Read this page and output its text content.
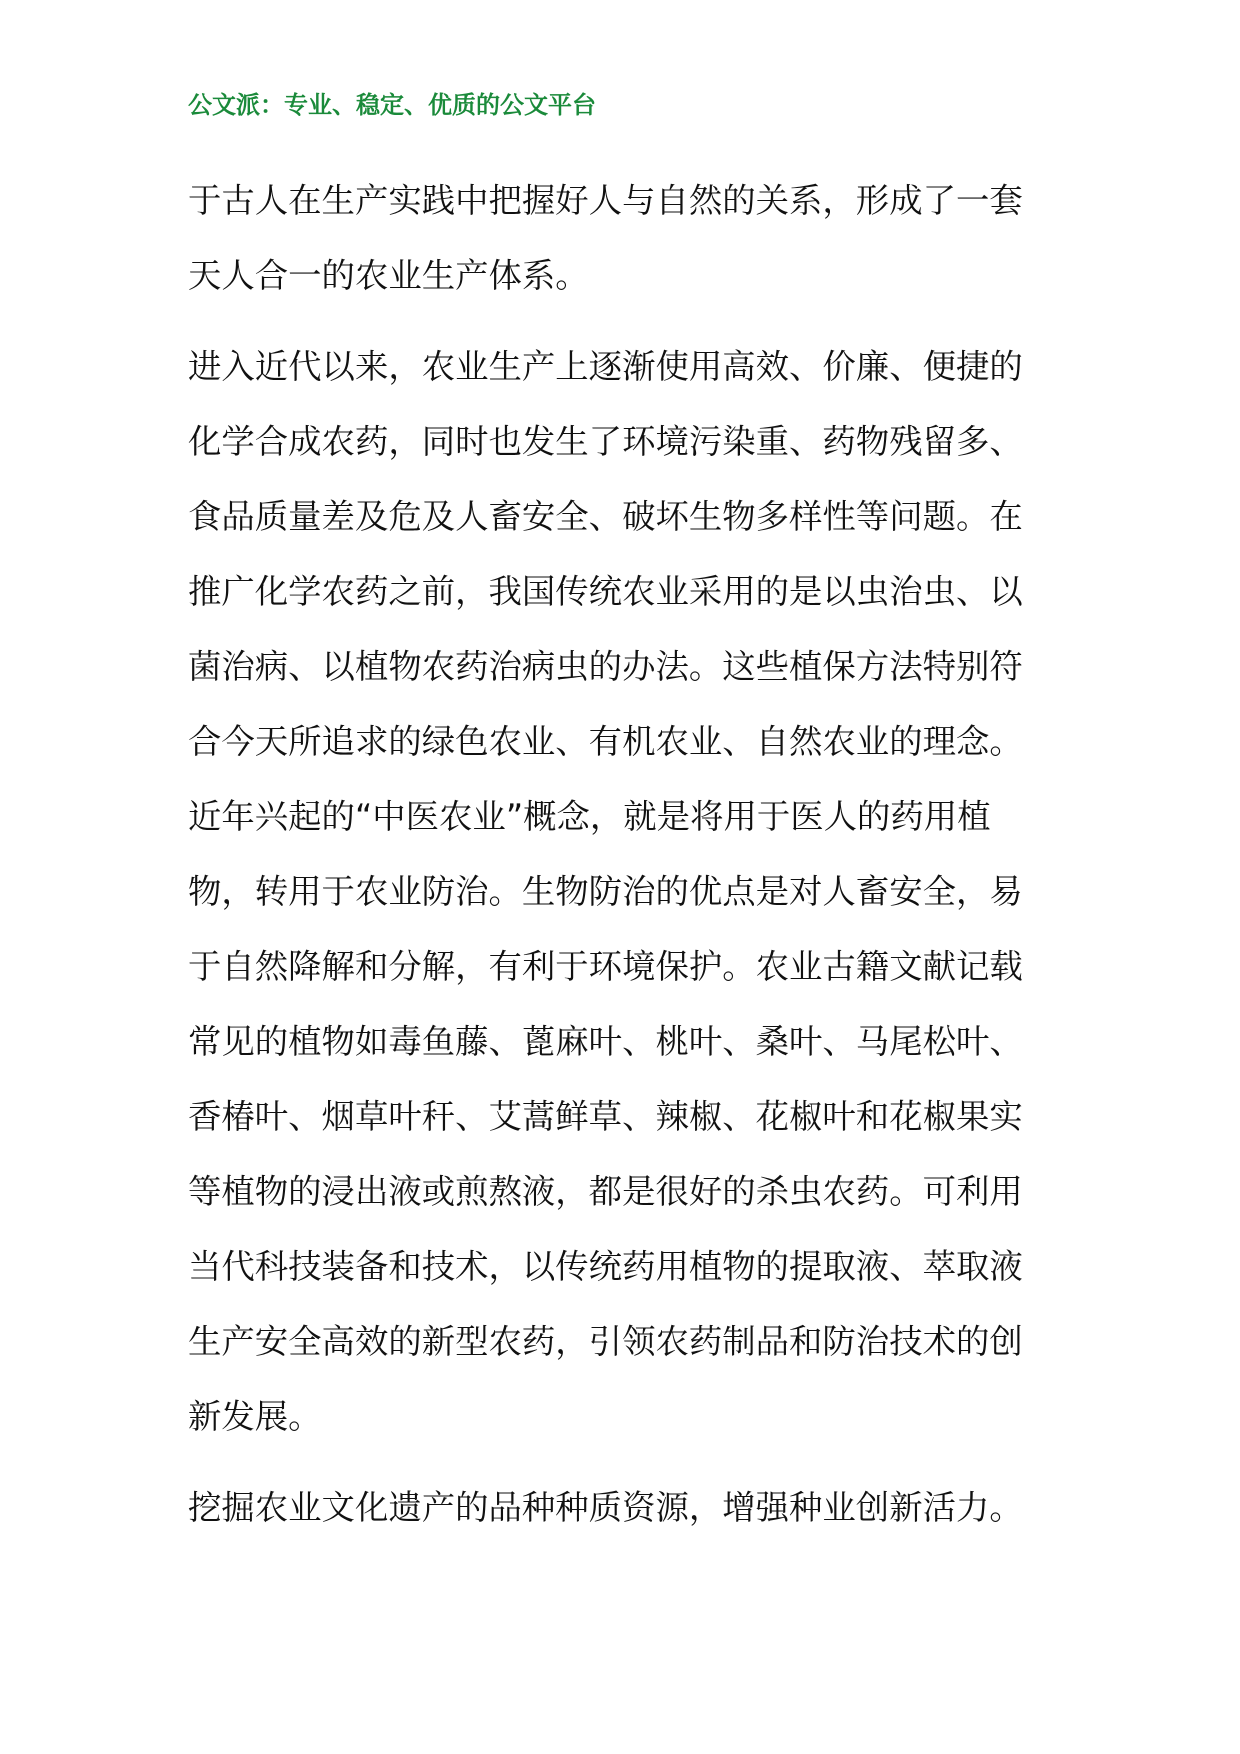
公文派：专业、稳定、优质的公文平台

于古人在生产实践中把握好人与自然的关系，形成了一套
天人合一的农业生产体系。

进入近代以来，农业生产上逐渐使用高效、价廉、便捷的
化学合成农药，同时也发生了环境污染重、药物残留多、
食品质量差及危及人畜安全、破坏生物多样性等问题。在
推广化学农药之前，我国传统农业采用的是以虫治虫、以
菌治病、以植物农药治病虫的办法。这些植保方法特别符
合今天所追求的绿色农业、有机农业、自然农业的理念。
近年兴起的“中医农业”概念，就是将用于医人的药用植
物，转用于农业防治。生物防治的优点是对人畜安全，易
于自然降解和分解，有利于环境保护。农业古籍文献记载
常见的植物如毒鱼藤、蓖麻叶、桃叶、桑叶、马尾松叶、
香椿叶、烟草叶秆、艾蒿鲜草、辣椒、花椒叶和花椒果实
等植物的浸出液或煎熬液，都是很好的杀虫农药。可利用
当代科技装备和技术，以传统药用植物的提取液、萃取液
生产安全高效的新型农药，引领农药制品和防治技术的创
新发展。

挖掘农业文化遗产的品种种质资源，增强种业创新活力。
